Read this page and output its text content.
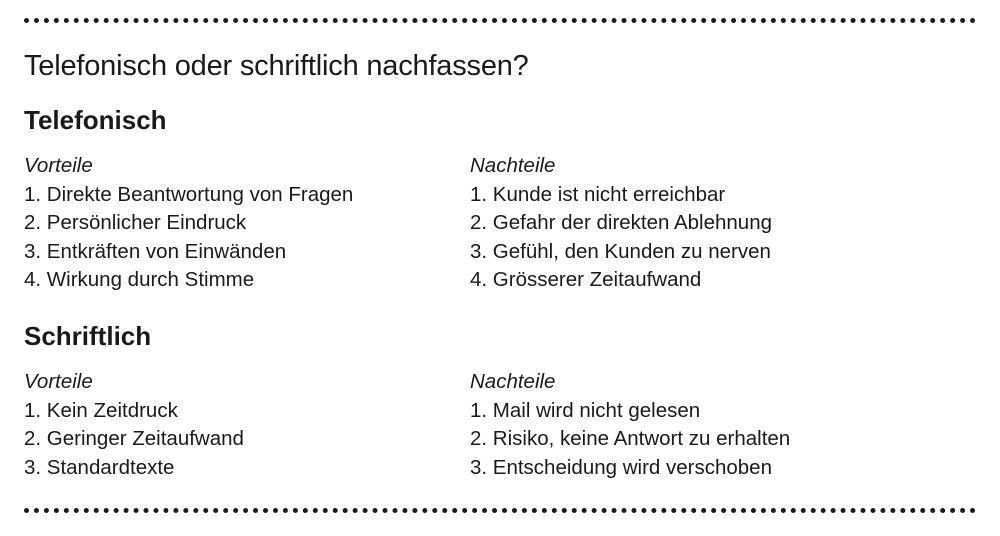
Telefonisch oder schriftlich nachfassen?
Telefonisch
Vorteile
1. Direkte Beantwortung von Fragen
2. Persönlicher Eindruck
3. Entkräften von Einwänden
4. Wirkung durch Stimme
Nachteile
1. Kunde ist nicht erreichbar
2. Gefahr der direkten Ablehnung
3. Gefühl, den Kunden zu nerven
4. Grösserer Zeitaufwand
Schriftlich
Vorteile
1. Kein Zeitdruck
2. Geringer Zeitaufwand
3. Standardtexte
Nachteile
1. Mail wird nicht gelesen
2. Risiko, keine Antwort zu erhalten
3. Entscheidung wird verschoben
